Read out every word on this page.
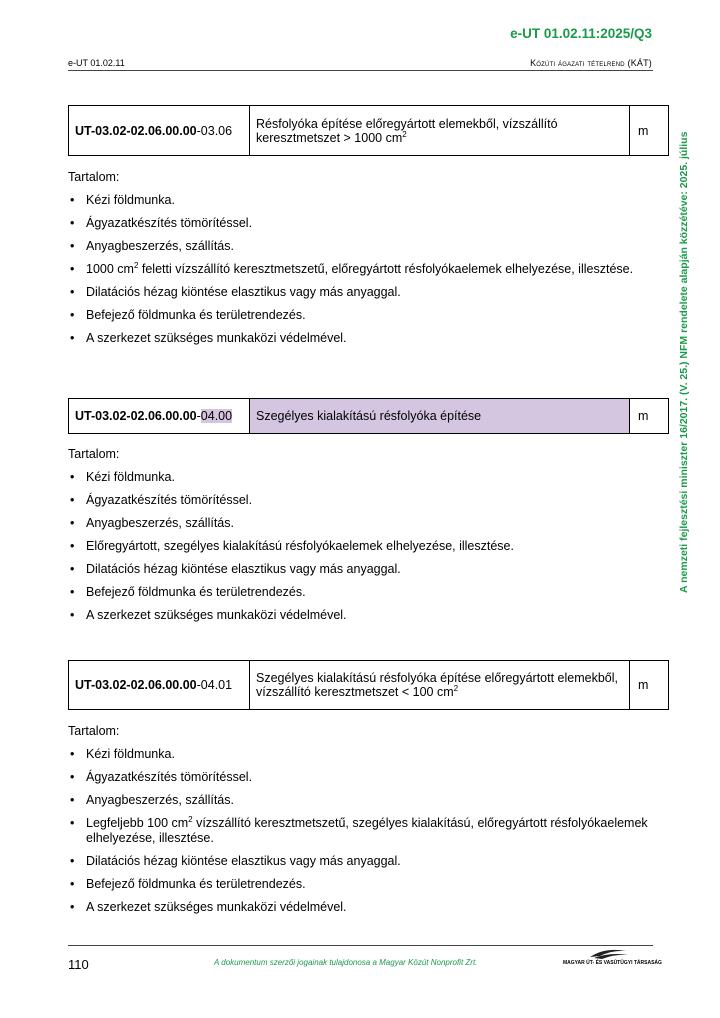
e-UT 01.02.11:2025/Q3
e-UT 01.02.11	Közúti ágazati tételrend (KÁT)
A nemzeti fejlesztési miniszter 16/2017. (V. 25.) NFM rendelete alapján közzétéve: 2025. július
UT-03.02-02.06.00.00-03.06	Résfolyóka építése előregyártott elemekből, vízszállító keresztmetszet > 1000 $cm^2$	m
Tartalom:
• Kézi földmunka.
• Ágyazatkészítés tömörítéssel.
• Anyagbeszerzés, szállítás.
• 1000 $cm^2$ feletti vízszállító keresztmetszetű, előregyártott résfolyókaelemek elhelyezése, illesztése.
• Dilatációs hézag kiöntése elasztikus vagy más anyaggal.
• Befejező földmunka és területrendezés.
• A szerkezet szükséges munkaközi védelmével.
UT-03.02-02.06.00.00-04.00	Szegélyes kialakítású résfolyóka építése	m
Tartalom:
• Kézi földmunka.
• Ágyazatkészítés tömörítéssel.
• Anyagbeszerzés, szállítás.
• Előregyártott, szegélyes kialakítású résfolyókaelemek elhelyezése, illesztése.
• Dilatációs hézag kiöntése elasztikus vagy más anyaggal.
• Befejező földmunka és területrendezés.
• A szerkezet szükséges munkaközi védelmével.
UT-03.02-02.06.00.00-04.01	Szegélyes kialakítású résfolyóka építése előregyártott elemekből, vízszállító keresztmetszet < 100 $cm^2$	m
Tartalom:
• Kézi földmunka.
• Ágyazatkészítés tömörítéssel.
• Anyagbeszerzés, szállítás.
• Legfeljebb 100 $cm^2$ vízszállító keresztmetszetű, szegélyes kialakítású, előregyártott résfolyókaelemek elhelyezése, illesztése.
• Dilatációs hézag kiöntése elasztikus vagy más anyaggal.
• Befejező földmunka és területrendezés.
• A szerkezet szükséges munkaközi védelmével.
110	A dokumentum szerzői jogainak tulajdonosa a Magyar Közút Nonprofit Zrt.	MAGYAR ÚT- ÉS VASÚTÜGYI TÁRSASÁG
